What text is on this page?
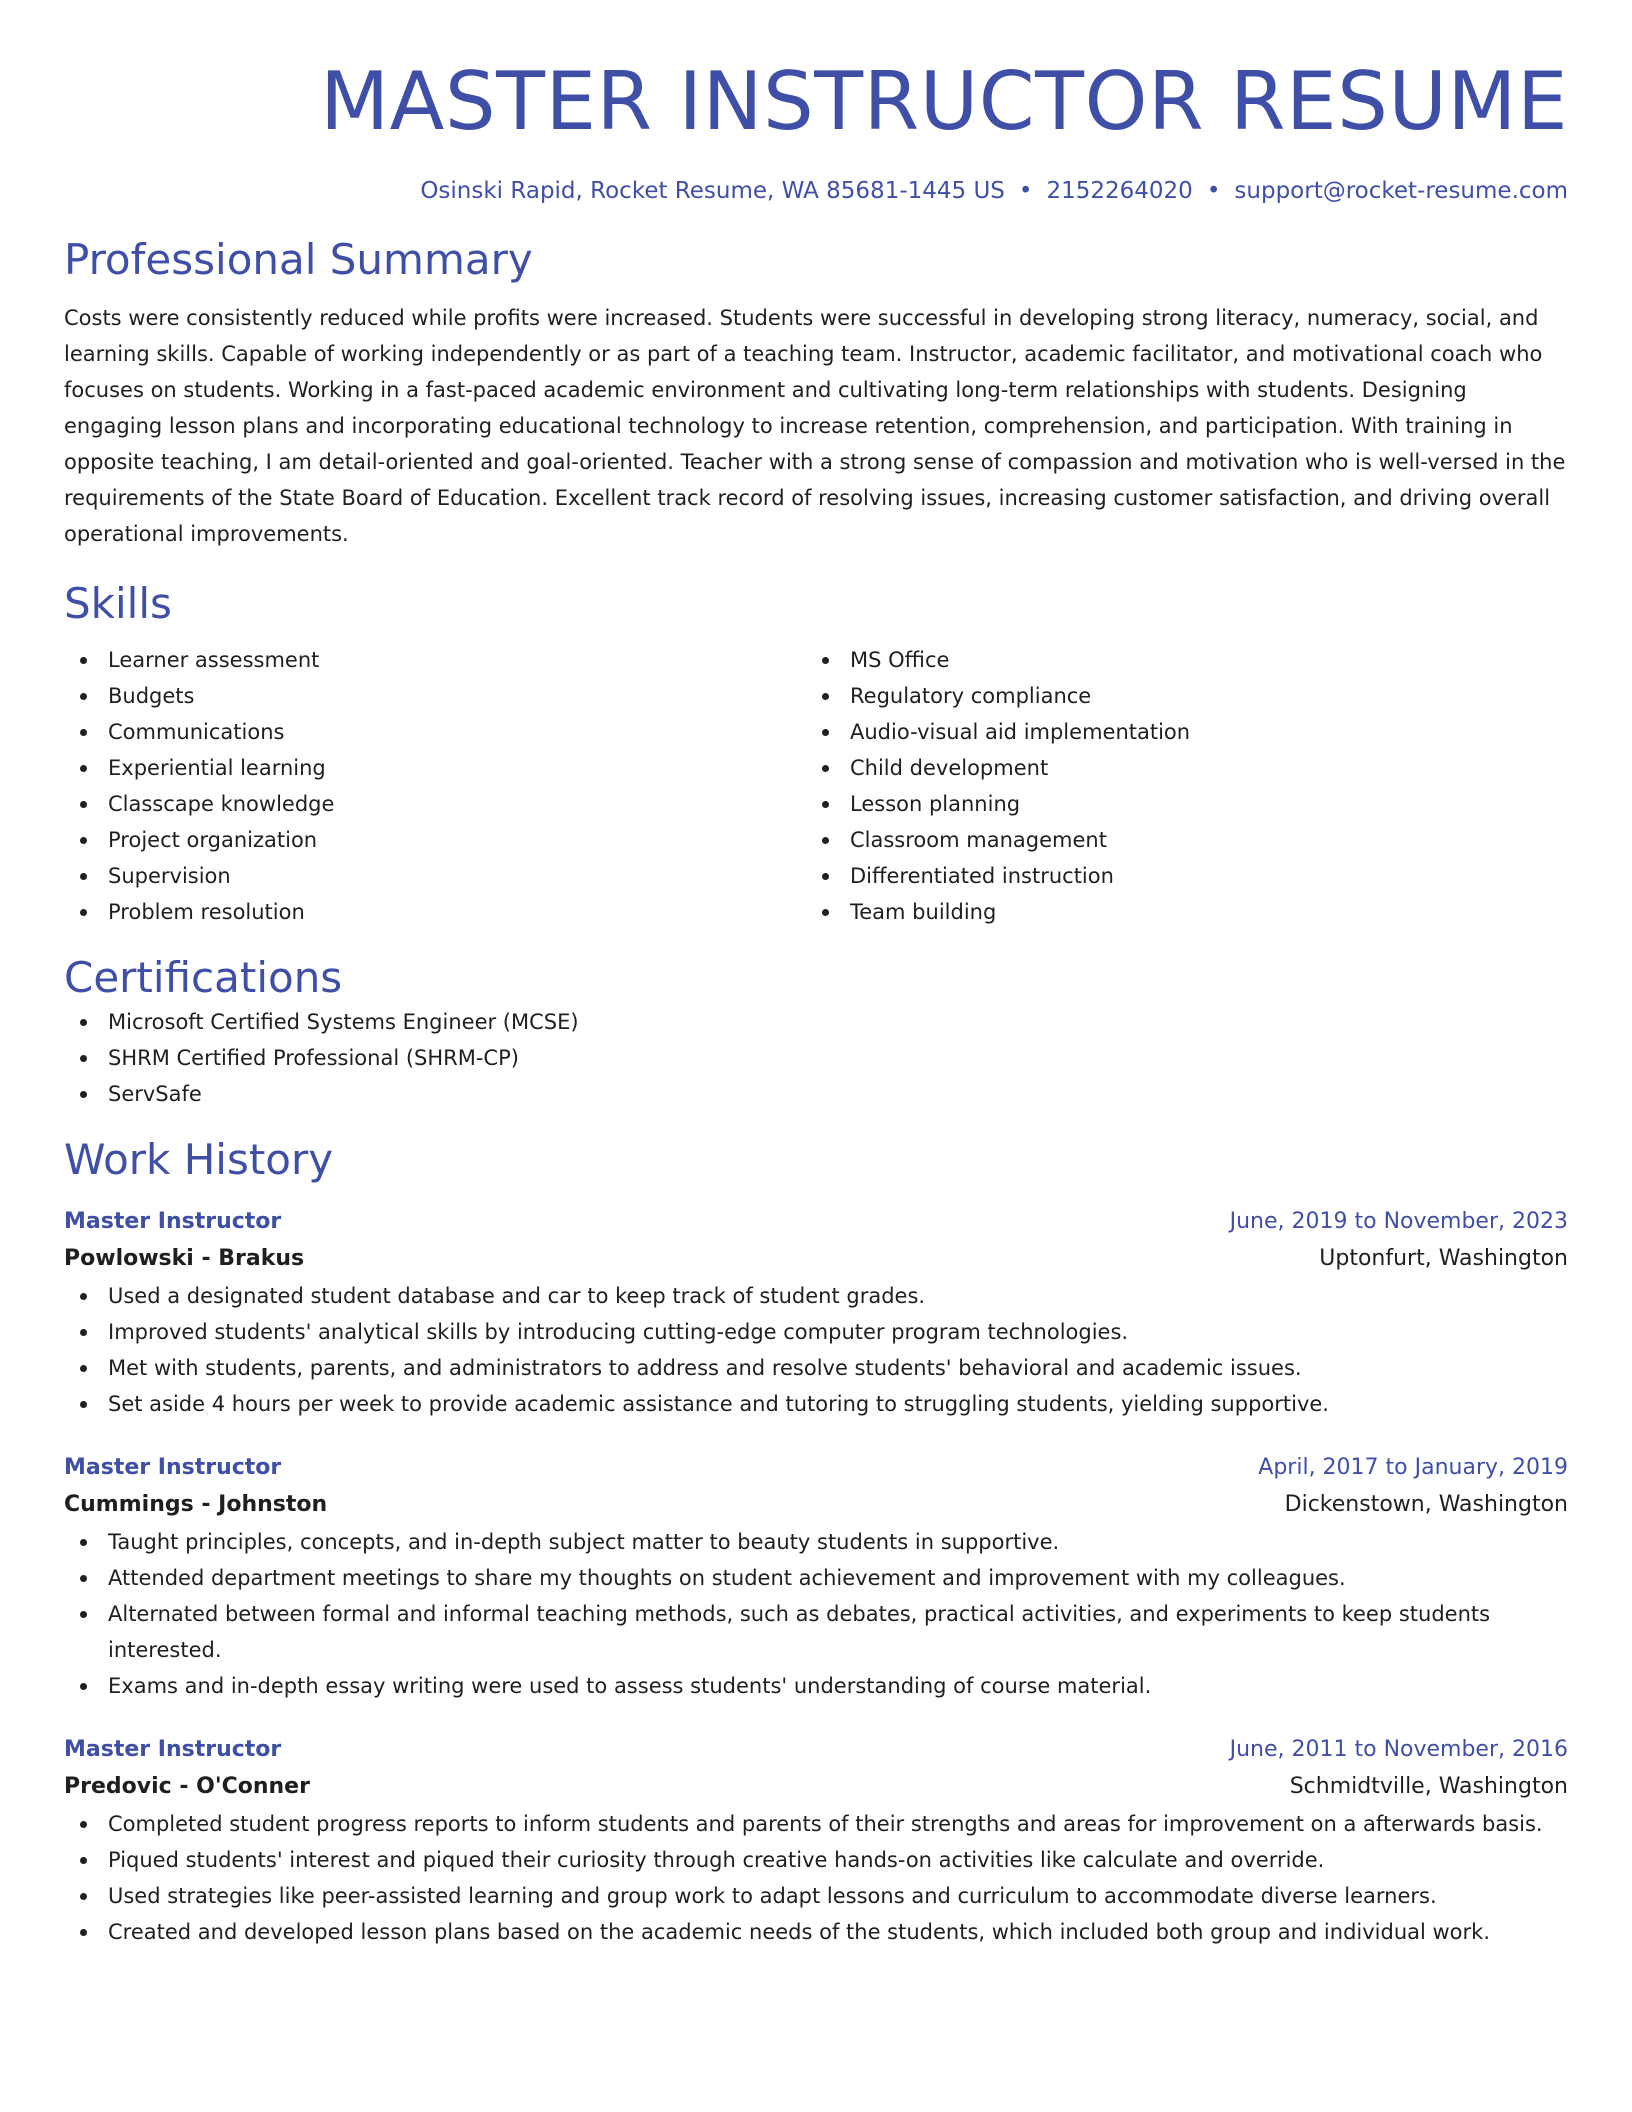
MASTER INSTRUCTOR RESUME
Osinski Rapid, Rocket Resume, WA 85681-1445 US • 2152264020 • support@rocket-resume.com
Professional Summary

Costs were consistently reduced while profits were increased. Students were successful in developing strong literacy, numeracy, social, and learning skills. Capable of working independently or as part of a teaching team. Instructor, academic facilitator, and motivational coach who focuses on students. Working in a fast-paced academic environment and cultivating long-term relationships with students. Designing engaging lesson plans and incorporating educational technology to increase retention, comprehension, and participation. With training in opposite teaching, I am detail-oriented and goal-oriented. Teacher with a strong sense of compassion and motivation who is well-versed in the requirements of the State Board of Education. Excellent track record of resolving issues, increasing customer satisfaction, and driving overall operational improvements.

Skills
Learner assessment
Budgets
Communications
Experiential learning
Classcape knowledge
Project organization
Supervision
Problem resolution
MS Office
Regulatory compliance
Audio-visual aid implementation
Child development
Lesson planning
Classroom management
Differentiated instruction
Team building
Certifications
Microsoft Certified Systems Engineer (MCSE)
SHRM Certified Professional (SHRM-CP)
ServSafe
Work History
Master Instructor	June, 2019 to November, 2023
Powlowski - Brakus	Uptonfurt, Washington
Used a designated student database and car to keep track of student grades.
Improved students' analytical skills by introducing cutting-edge computer program technologies.
Met with students, parents, and administrators to address and resolve students' behavioral and academic issues.
Set aside 4 hours per week to provide academic assistance and tutoring to struggling students, yielding supportive.
Master Instructor	April, 2017 to January, 2019
Cummings - Johnston	Dickenstown, Washington
Taught principles, concepts, and in-depth subject matter to beauty students in supportive.
Attended department meetings to share my thoughts on student achievement and improvement with my colleagues.
Alternated between formal and informal teaching methods, such as debates, practical activities, and experiments to keep students interested.
Exams and in-depth essay writing were used to assess students' understanding of course material.
Master Instructor	June, 2011 to November, 2016
Predovic - O'Conner	Schmidtville, Washington
Completed student progress reports to inform students and parents of their strengths and areas for improvement on a afterwards basis.
Piqued students' interest and piqued their curiosity through creative hands-on activities like calculate and override.
Used strategies like peer-assisted learning and group work to adapt lessons and curriculum to accommodate diverse learners.
Created and developed lesson plans based on the academic needs of the students, which included both group and individual work.
